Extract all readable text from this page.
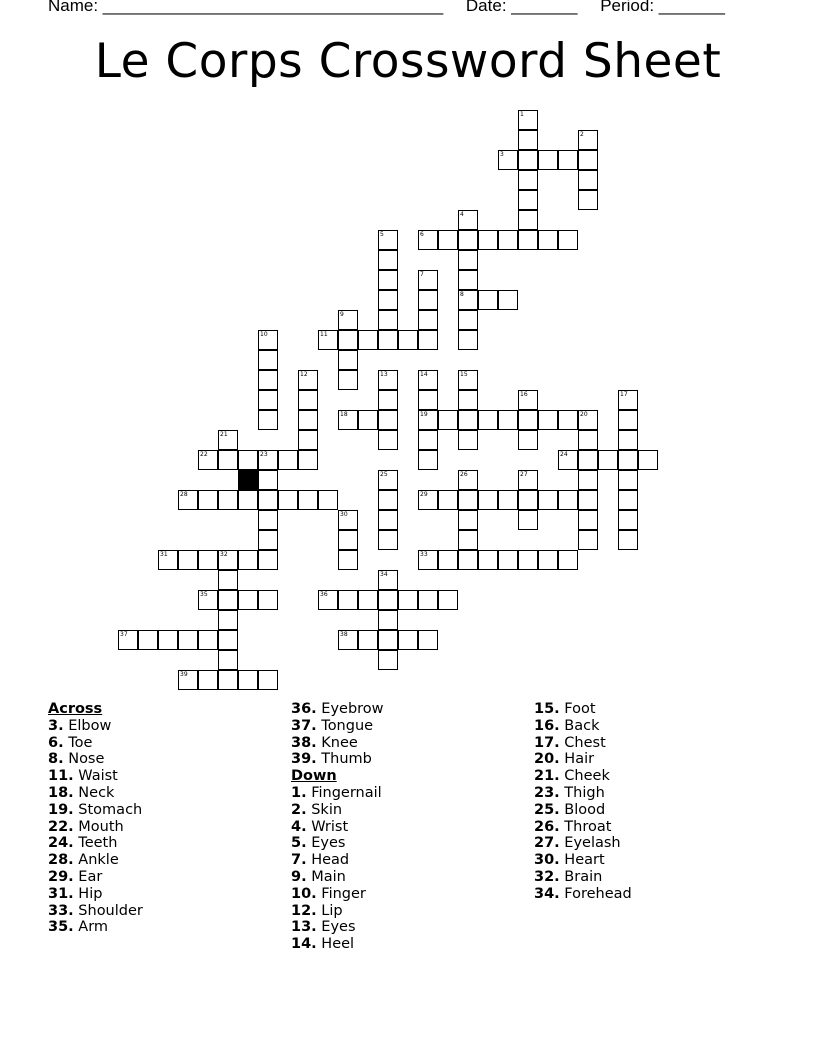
Name: ____________________________________ Date: _______ Period: _______
Le Corps Crossword Sheet
1
2
3
4
8
5	6
7
9
10	11
12	13	14
19
15
16	17
18	20
21
22	23	24
25	26	27
28	29
30
31	32	33
34
35	36
37	38
39
Across
3. Elbow
6. Toe
8. Nose
11. Waist
18. Neck
19. Stomach
22. Mouth
24. Teeth
28. Ankle
29. Ear
31. Hip
33. Shoulder
35. Arm
36. Eyebrow
37. Tongue
38. Knee
39. Thumb
Down
1. Fingernail
2. Skin
4. Wrist
5. Eyes
7. Head
9. Main
10. Finger
12. Lip
13. Eyes
14. Heel
15. Foot
16. Back
17. Chest
20. Hair
21. Cheek
23. Thigh
25. Blood
26. Throat
27. Eyelash
30. Heart
32. Brain
34. Forehead
